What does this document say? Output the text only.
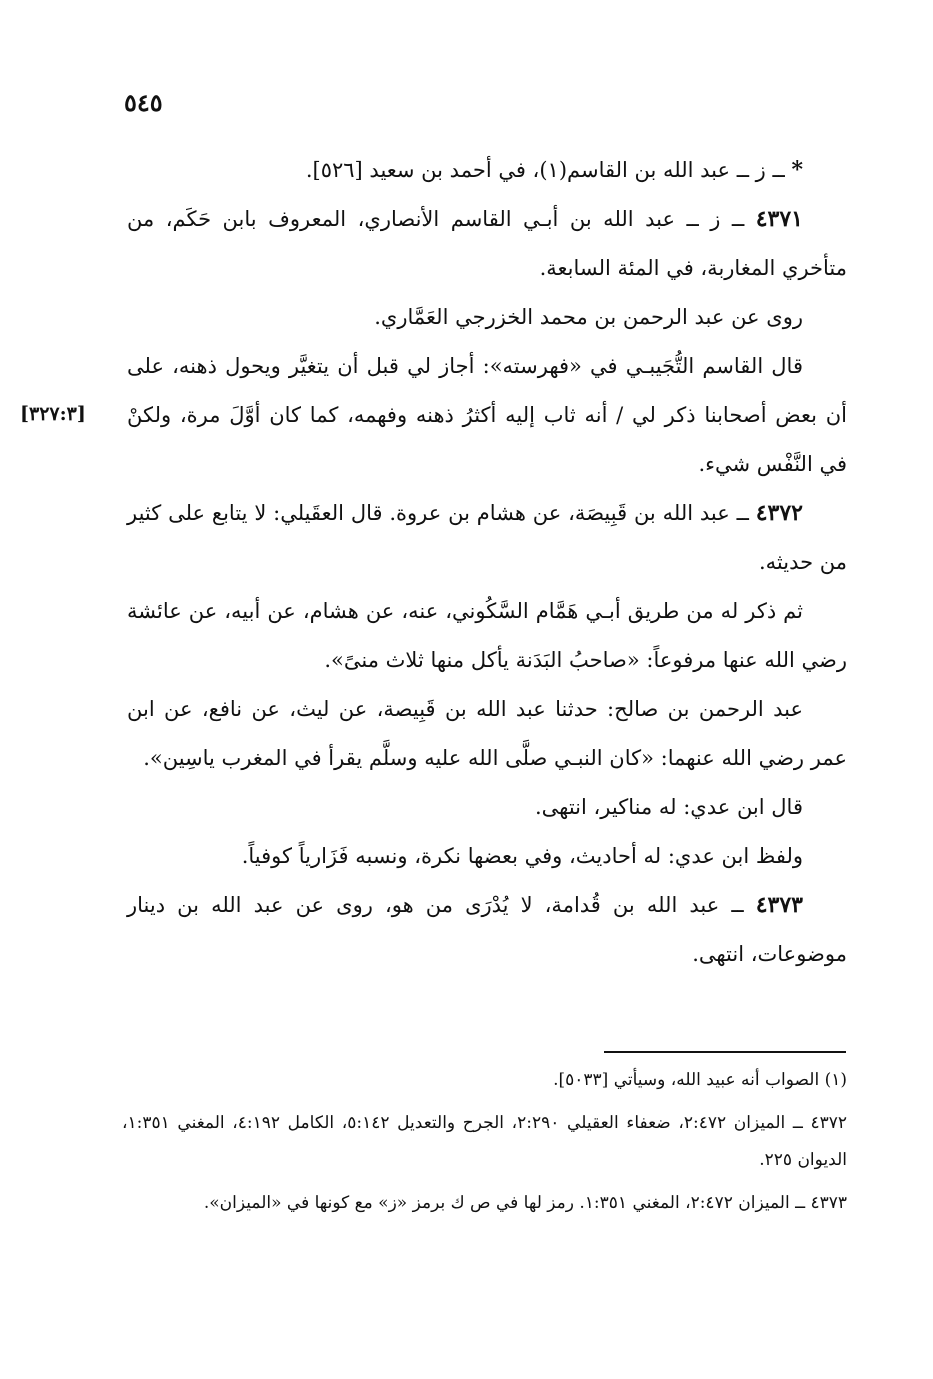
٥٤٥
[٣٢٧:٣]

* ــ ز ــ عبد الله بن القاسم(١)، في أحمد بن سعيد [٥٢٦].

٤٣٧١ ــ ز ــ عبد الله بن أبـي القاسم الأنصاري، المعروف بابن حَكَم، من متأخري المغاربة، في المئة السابعة.

روى عن عبد الرحمن بن محمد الخزرجي العَمَّاري.

قال القاسم التُّجَيبـي في «فهرسته»: أجاز لي قبل أن يتغيَّر ويحول ذهنه، على أن بعض أصحابنا ذكر لي / أنه ثاب إليه أكثرُ ذهنه وفهمه، كما كان أوَّلَ مرة، ولكنْ في النَّفْس شيء.

٤٣٧٢ ــ عبد الله بن قَبِيصَة، عن هشام بن عروة. قال العقَيلي: لا يتابع على كثير من حديثه.

ثم ذكر له من طريق أبـي هَمَّام السَّكُوني، عنه، عن هشام، عن أبيه، عن عائشة رضي الله عنها مرفوعاً: «صاحبُ البَدَنة يأكل منها ثلاث منىً».

عبد الرحمن بن صالح: حدثنا عبد الله بن قَبِيصة، عن ليث، عن نافع، عن ابن عمر رضي الله عنهما: «كان النبـي صلَّى الله عليه وسلَّم يقرأ في المغرب ياسِين».

قال ابن عدي: له مناكير، انتهى.

ولفظ ابن عدي: له أحاديث، وفي بعضها نكرة، ونسبه فَزَارياً كوفياً.

٤٣٧٣ ــ عبد الله بن قُدامة، لا يُدْرَى من هو، روى عن عبد الله بن دينار موضوعات، انتهى.

(١) الصواب أنه عبيد الله، وسيأتي [٥٠٣٣].

٤٣٧٢ ــ الميزان ٢:٤٧٢، ضعفاء العقيلي ٢:٢٩٠، الجرح والتعديل ٥:١٤٢، الكامل ٤:١٩٢، المغني ١:٣٥١، الديوان ٢٢٥.

٤٣٧٣ ــ الميزان ٢:٤٧٢، المغني ١:٣٥١. رمز لها في ص ك برمز «ز» مع كونها في «الميزان».
